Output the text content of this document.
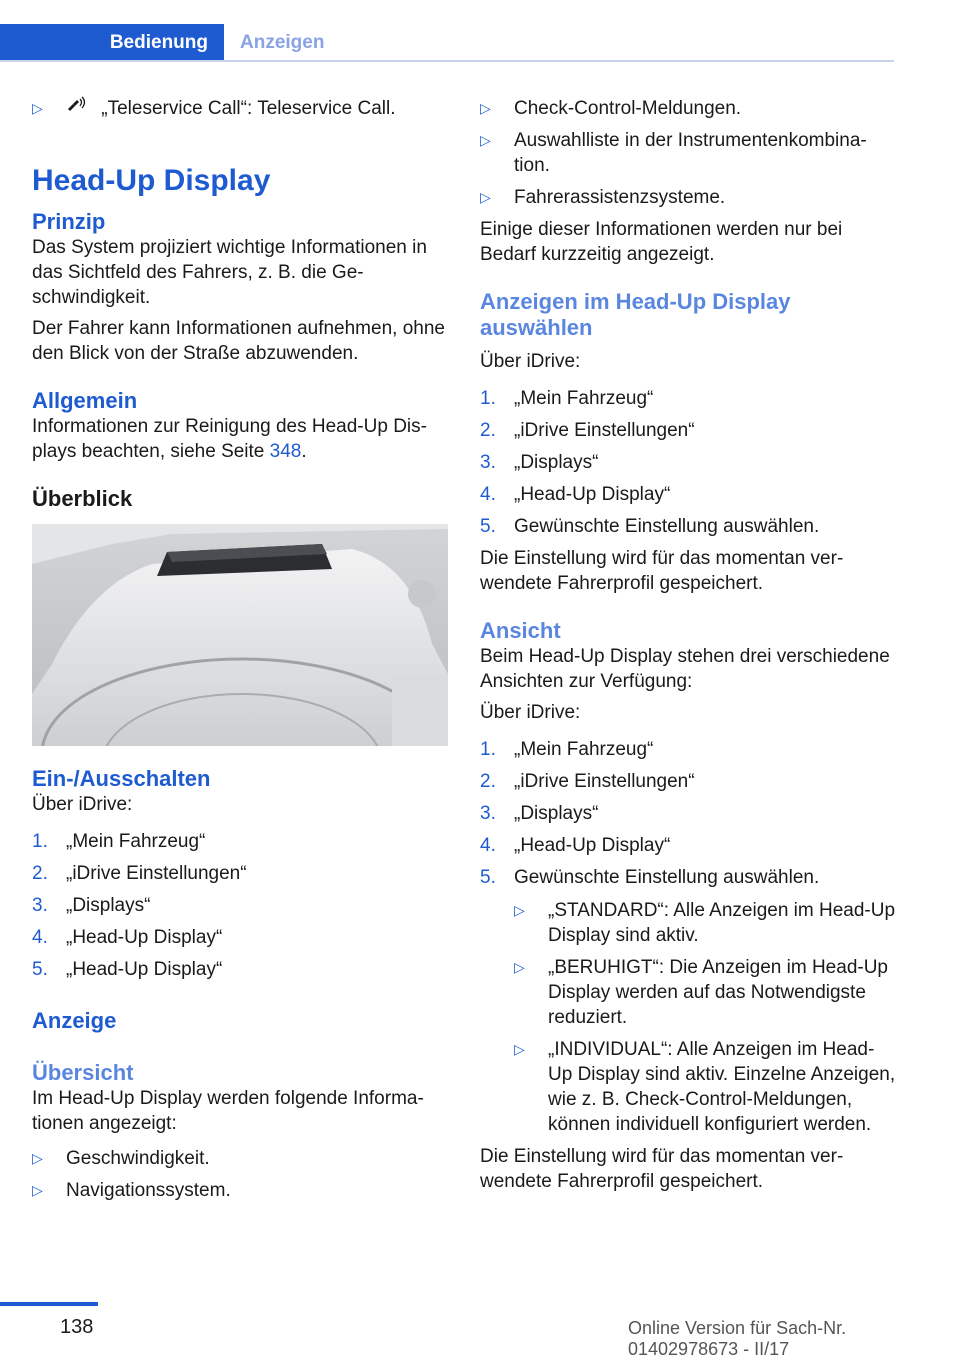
Bedienung	Anzeigen
▷	„Teleservice Call“: Teleservice Call.
Head-Up Display
Prinzip

Das System projiziert wichtige Informationen in das Sichtfeld des Fahrers, z. B. die Geschwindigkeit.

Der Fahrer kann Informationen aufnehmen, ohne den Blick von der Straße abzuwenden.

Allgemein

Informationen zur Reinigung des Head-Up Displays beachten, siehe Seite 348.

Überblick
Ein-/Ausschalten

Über iDrive:

1. „Mein Fahrzeug“
2. „iDrive Einstellungen“
3. „Displays“
4. „Head-Up Display“
5. „Head-Up Display“
Anzeige
Übersicht

Im Head-Up Display werden folgende Informationen angezeigt:

▷ Geschwindigkeit.
▷ Navigationssystem.
▷ Check-Control-Meldungen.
▷ Auswahlliste in der Instrumentenkombination.
▷ Fahrerassistenzsysteme.

Einige dieser Informationen werden nur bei Bedarf kurzzeitig angezeigt.

Anzeigen im Head-Up Display auswählen

Über iDrive:

1. „Mein Fahrzeug“
2. „iDrive Einstellungen“
3. „Displays“
4. „Head-Up Display“
5. Gewünschte Einstellung auswählen.

Die Einstellung wird für das momentan verwendete Fahrerprofil gespeichert.

Ansicht

Beim Head-Up Display stehen drei verschiedene Ansichten zur Verfügung:

Über iDrive:

1. „Mein Fahrzeug“
2. „iDrive Einstellungen“
3. „Displays“
4. „Head-Up Display“
5. Gewünschte Einstellung auswählen.
▷ „STANDARD“: Alle Anzeigen im Head-Up Display sind aktiv.
▷ „BERUHIGT“: Die Anzeigen im Head-Up Display werden auf das Notwendigste reduziert.
▷ „INDIVIDUAL“: Alle Anzeigen im Head-Up Display sind aktiv. Einzelne Anzeigen, wie z. B. Check-Control-Meldungen, können individuell konfiguriert werden.

Die Einstellung wird für das momentan verwendete Fahrerprofil gespeichert.

138	Online Version für Sach-Nr. 01402978673 - II/17
